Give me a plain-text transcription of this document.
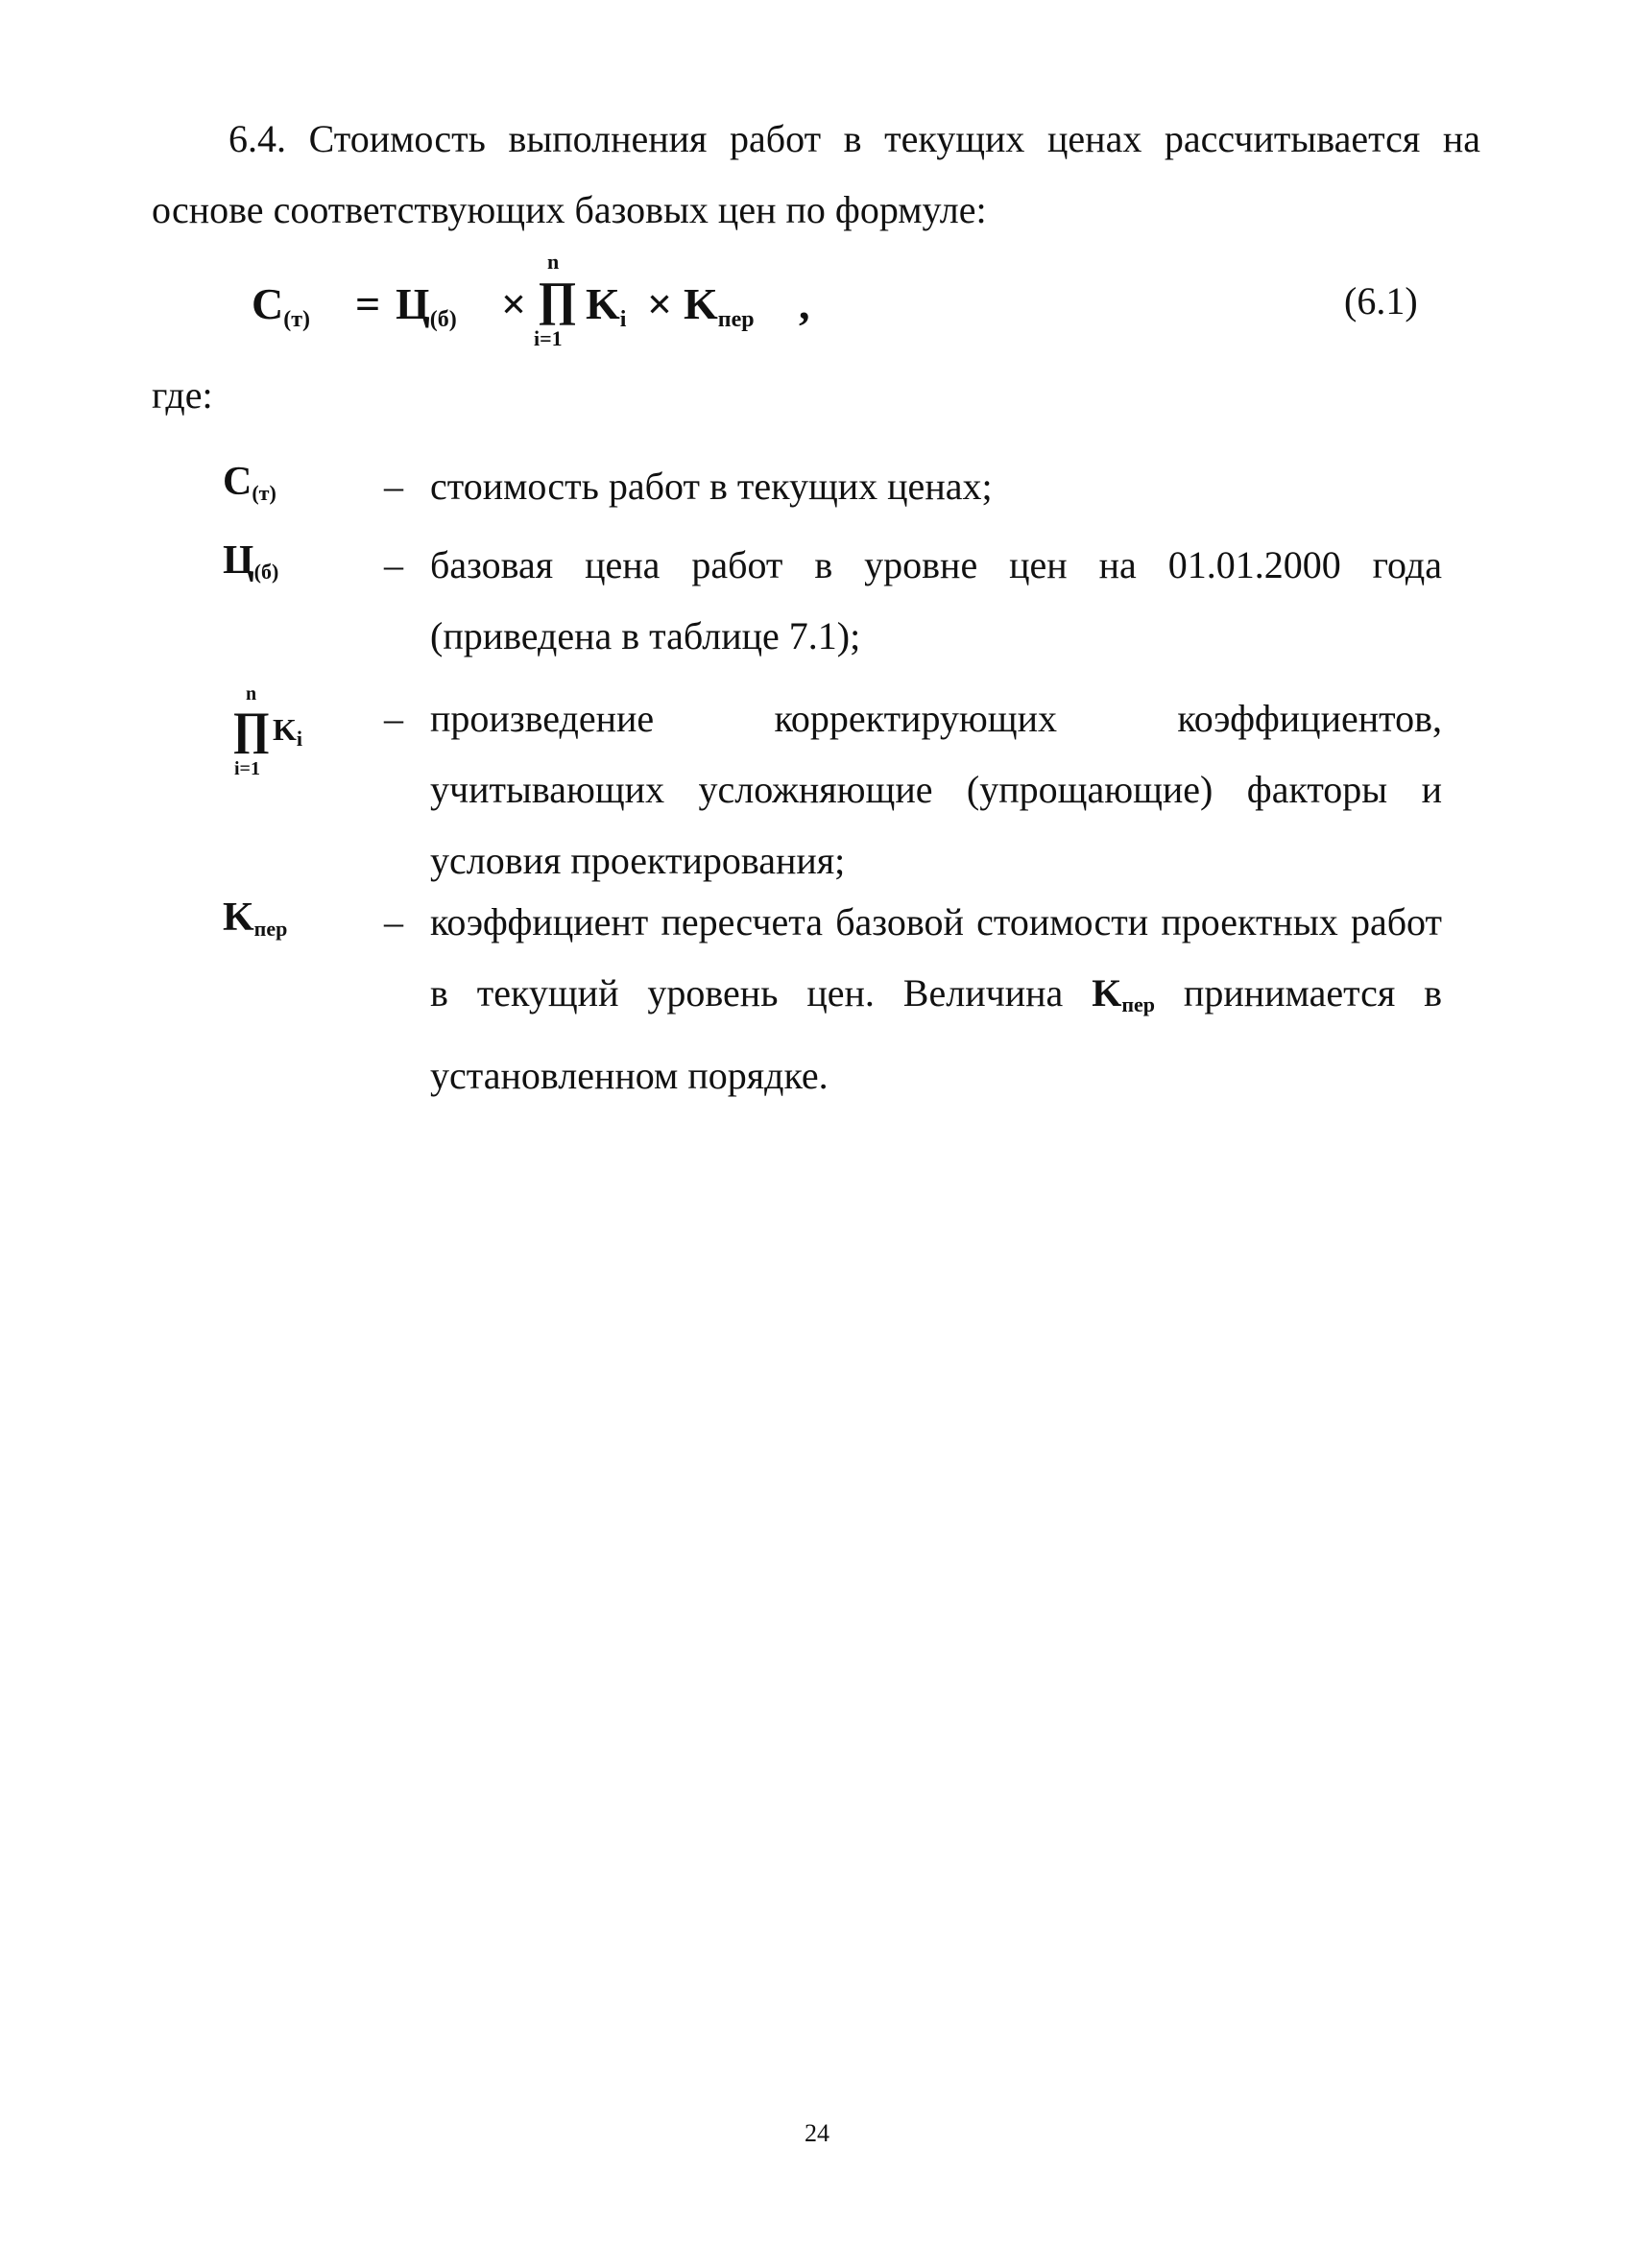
6.4. Стоимость выполнения работ в текущих ценах рассчитывается на
основе соответствующих базовых цен по формуле:

$С_{(т)} = Ц_{(б)}$ ×
n
∏
i=1
$K_i \times K_{пер}$ ,	(6.1)
где:
$С_{(т)}$	– стоимость работ в текущих ценах;
$Ц_{(б)}$	– базовая цена работ в уровне цен на 01.01.2000 года (приведена в таблице 7.1);
n
∏ $K_i$
i=1
– произведение корректирующих коэффициентов, учитывающих усложняющие (упрощающие) факторы и условия проектирования;
$K_{пер}$	– коэффициент пересчета базовой стоимости проектных работ в текущий уровень цен. Величина $K_{пер}$ принимается в установленном порядке.
24
